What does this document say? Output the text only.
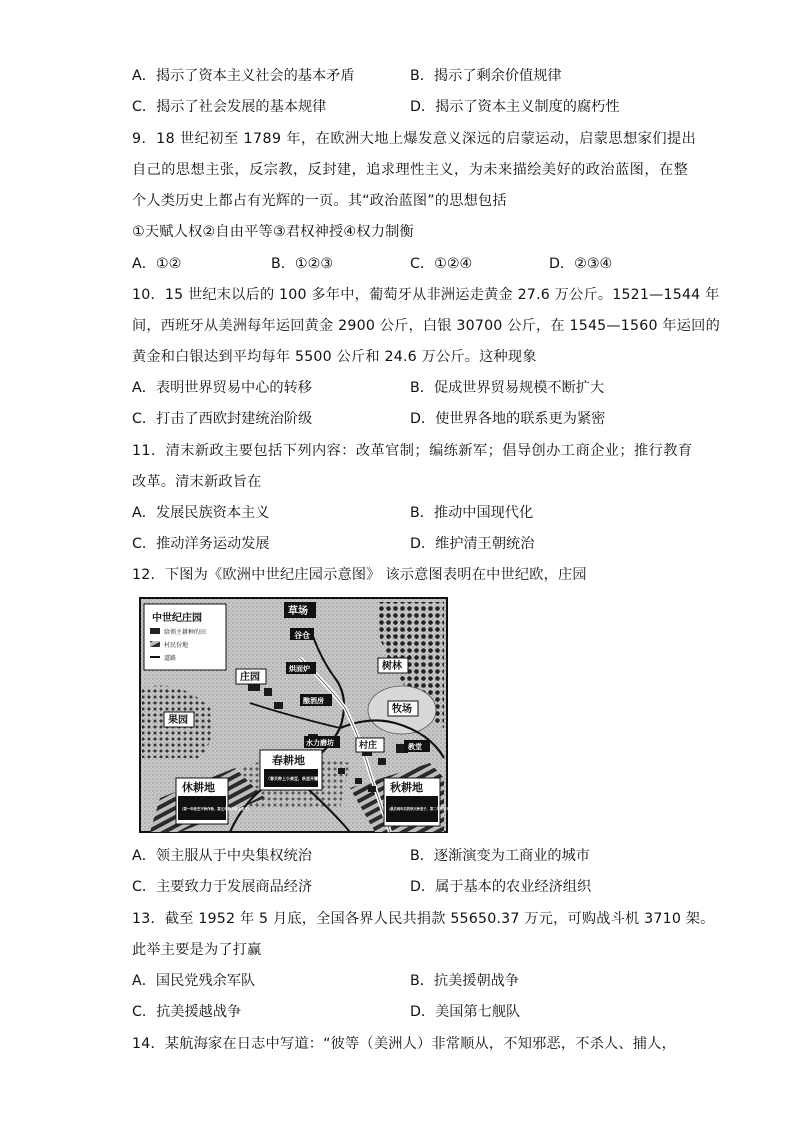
A．揭示了资本主义社会的基本矛盾	B．揭示了剩余价值规律
C．揭示了社会发展的基本规律	D．揭示了资本主义制度的腐朽性
9．18 世纪初至 1789 年，在欧洲大地上爆发意义深远的启蒙运动，启蒙思想家们提出
自己的思想主张，反宗教，反封建，追求理性主义，为未来描绘美好的政治蓝图，在整
个人类历史上都占有光辉的一页。其“政治蓝图”的思想包括
①天赋人权②自由平等③君权神授④权力制衡
A．①②	B．①②③	C．①②④	D．②③④
10．15 世纪末以后的 100 多年中，葡萄牙从非洲运走黄金 27.6 万公斤。1521—1544 年
间，西班牙从美洲每年运回黄金 2900 公斤，白银 30700 公斤，在 1545—1560 年运回的
黄金和白银达到平均每年 5500 公斤和 24.6 万公斤。这种现象
A．表明世界贸易中心的转移	B．促成世界贸易规模不断扩大
C．打击了西欧封建统治阶级	D．使世界各地的联系更为紧密
11．清末新政主要包括下列内容：改革官制；编练新军；倡导创办工商企业；推行教育
改革。清末新政旨在
A．发展民族资本主义	B．推动中国现代化
C．推动洋务运动发展	D．维护清王朝统治
12．下图为《欧洲中世纪庄园示意图》 该示意图表明在中世纪欧，庄园
中世纪庄园
给领主耕种的田
村民份地
道路
草场
谷仓
烘面炉
庄园
酿酒房
树林
果园
牧场
水力磨坊	村庄	教堂
春耕地
（春天种上小麦豆，秋里开镰）
休耕地
（第一年轮空不种作物，第五年秋天种上麦子）
秋耕地
（最后两年后的秋天种麦子，第二年秋后开始种麦子）
A．领主服从于中央集权统治	B．逐渐演变为工商业的城市
C．主要致力于发展商品经济	D．属于基本的农业经济组织
13．截至 1952 年 5 月底，全国各界人民共捐款 55650.37 万元，可购战斗机 3710 架。
此举主要是为了打赢
A．国民党残余军队	B．抗美援朝战争
C．抗美援越战争	D．美国第七舰队
14．某航海家在日志中写道：“彼等（美洲人）非常顺从，不知邪恶，不杀人、捕人，
